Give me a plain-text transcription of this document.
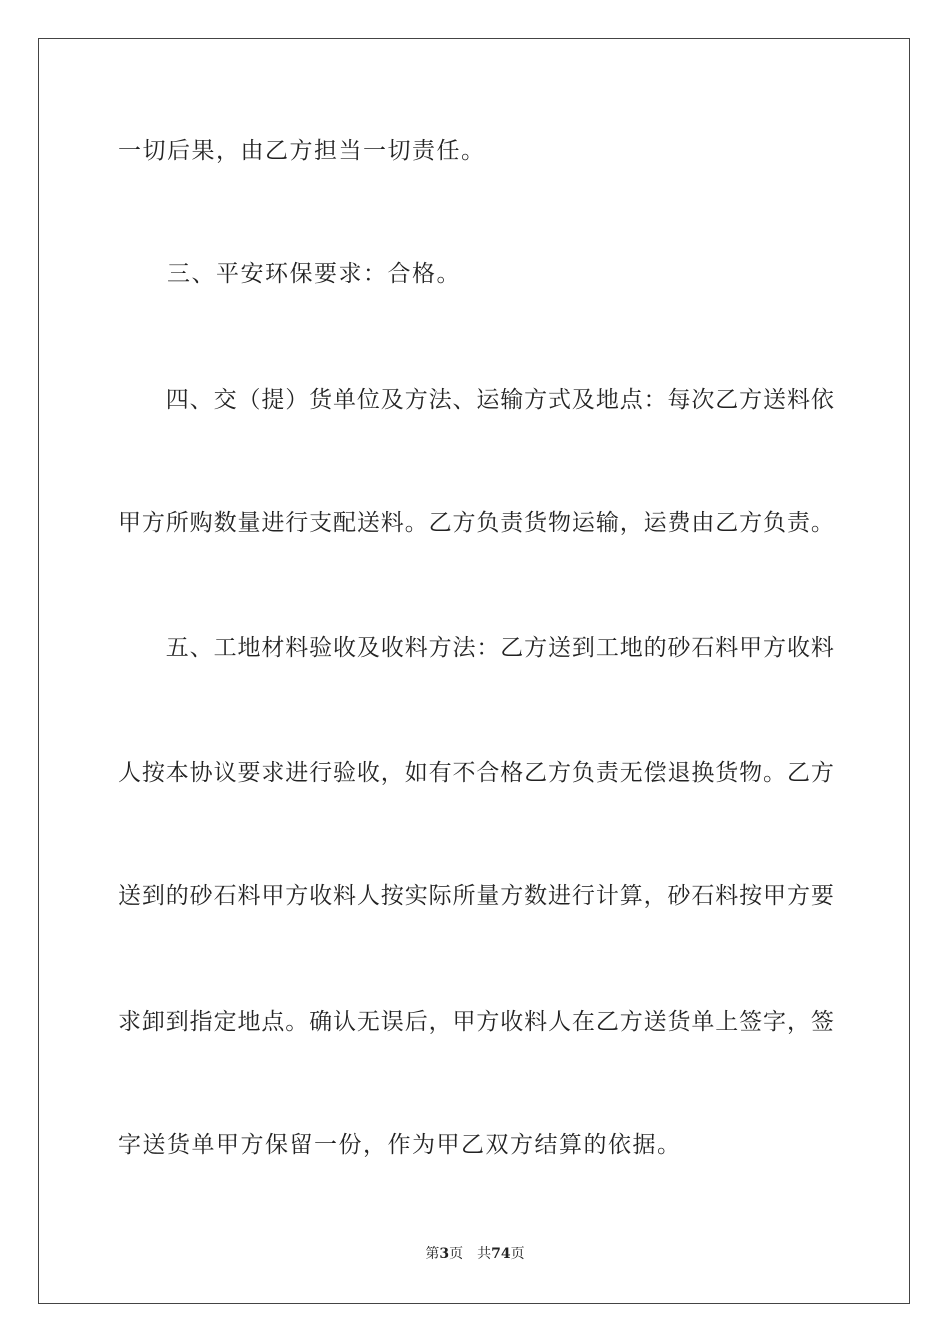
一切后果，由乙方担当一切责任。
　　三、平安环保要求：合格。

四 、 交 （ 提 ） 货 单 位 及 方 法 、 运 输 方 式 及 地 点 ： 每 次 乙 方 送 料 依
甲 方 所 购 数 量 进 行 支 配 送 料 。 乙 方 负 责 货 物 运 输 ， 运 费 由 乙 方 负 责 。

五 、 工 地 材 料 验 收 及 收 料 方 法 ： 乙 方 送 到 工 地 的 砂 石 料 甲 方 收 料
人 按 本 协 议 要 求 进 行 验 收 ， 如 有 不 合 格 乙 方 负 责 无 偿 退 换 货 物 。 乙 方
送 到 的 砂 石 料 甲 方 收 料 人 按 实 际 所 量 方 数 进 行 计 算 ， 砂 石 料 按 甲 方 要
求 卸 到 指 定 地 点 。 确 认 无 误 后 ， 甲 方 收 料 人 在 乙 方 送 货 单 上 签 字 ， 签
字送货单甲方保留一份，作为甲乙双方结算的依据。
第3页 共74页
